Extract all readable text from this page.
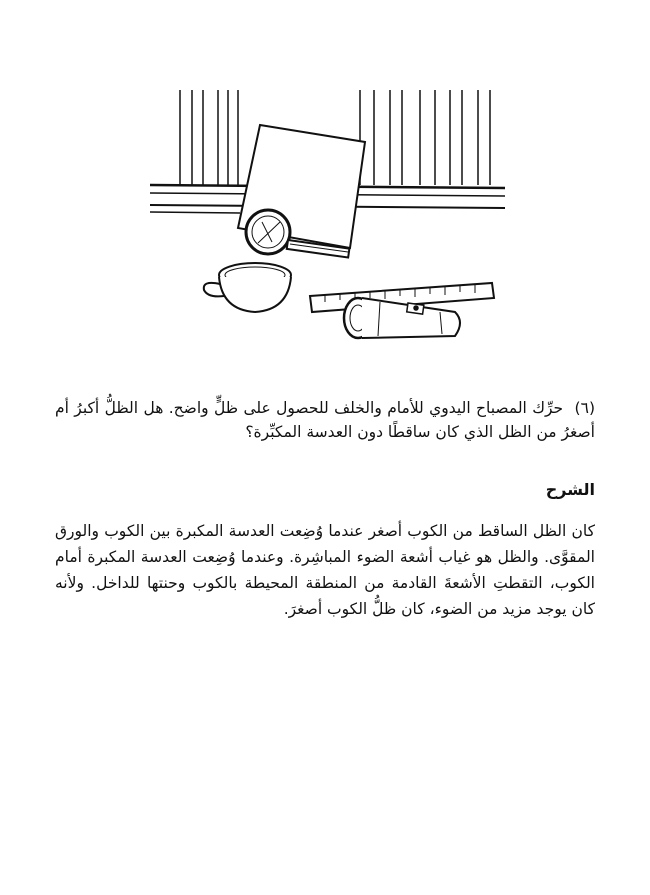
(٦) حرِّك المصباح اليدوي للأمام والخلف للحصول على ظلٍّ واضح. هل الظلُّ أكبرُ أم أصغرُ من الظل الذي كان ساقطًا دون العدسة المكبِّرة؟
الشرح
كان الظل الساقط من الكوب أصغر عندما وُضِعت العدسة المكبرة بين الكوب والورق المقوَّى. والظل هو غياب أشعة الضوء المباشِرة. وعندما وُضِعت العدسة المكبرة أمام الكوب، التقطتِ الأشعةَ القادمة من المنطقة المحيطة بالكوب وحنتها للداخل. ولأنه كان يوجد مزيد من الضوء، كان ظلُّ الكوب أصغرَ.
